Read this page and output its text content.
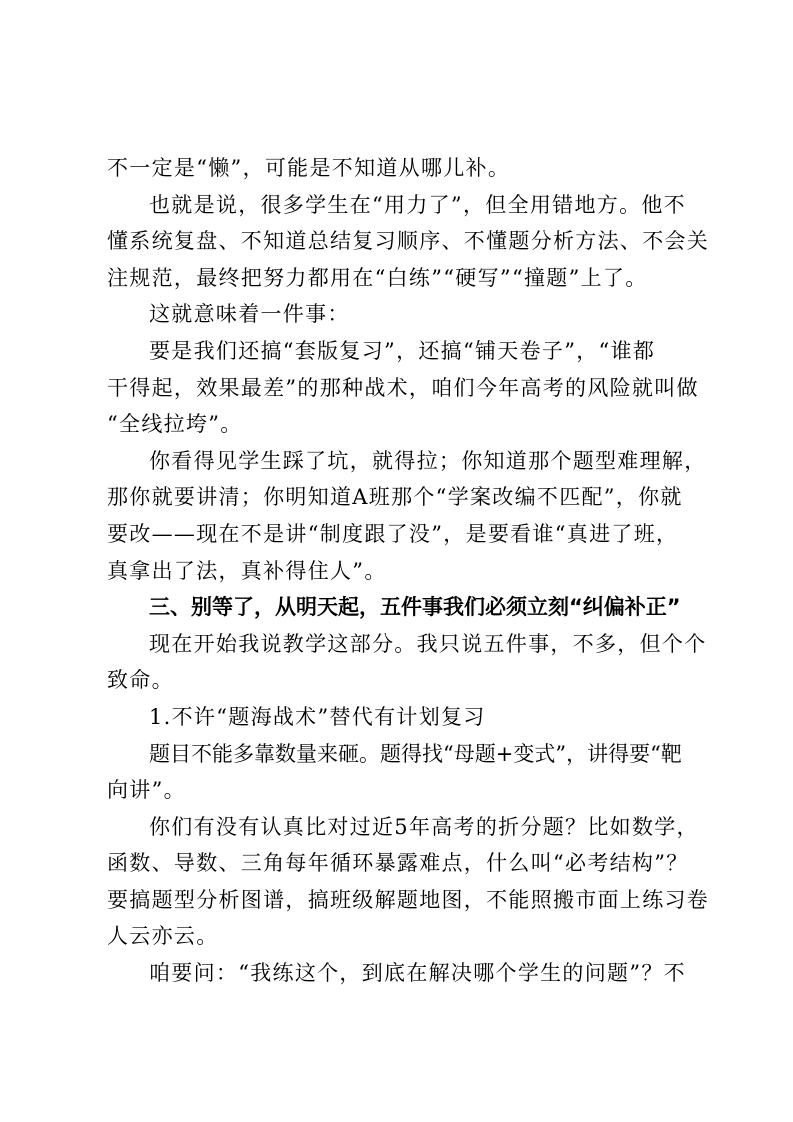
不一定是“懒”，可能是不知道从哪儿补。
也就是说，很多学生在“用力了”，但全用错地方。他不
懂系统复盘、不知道总结复习顺序、不懂题分析方法、不会关
注规范，最终把努力都用在“白练”“硬写”“撞题”上了。
这就意味着一件事：
要是我们还搞“套版复习”，还搞“铺天卷子”，“谁都
干得起，效果最差”的那种战术，咱们今年高考的风险就叫做
“全线拉垮”。
你看得见学生踩了坑，就得拉；你知道那个题型难理解，
那你就要讲清；你明知道A班那个“学案改编不匹配”，你就
要改——现在不是讲“制度跟了没”，是要看谁“真进了班，
真拿出了法，真补得住人”。
三、别等了，从明天起，五件事我们必须立刻“纠偏补正”
现在开始我说教学这部分。我只说五件事，不多，但个个
致命。
1.不许“题海战术”替代有计划复习
题目不能多靠数量来砸。题得找“母题+变式”，讲得要“靶
向讲”。
你们有没有认真比对过近5年高考的折分题？比如数学，
函数、导数、三角每年循环暴露难点，什么叫“必考结构”？
要搞题型分析图谱，搞班级解题地图，不能照搬市面上练习卷
人云亦云。
咱要问：“我练这个，到底在解决哪个学生的问题”？不
